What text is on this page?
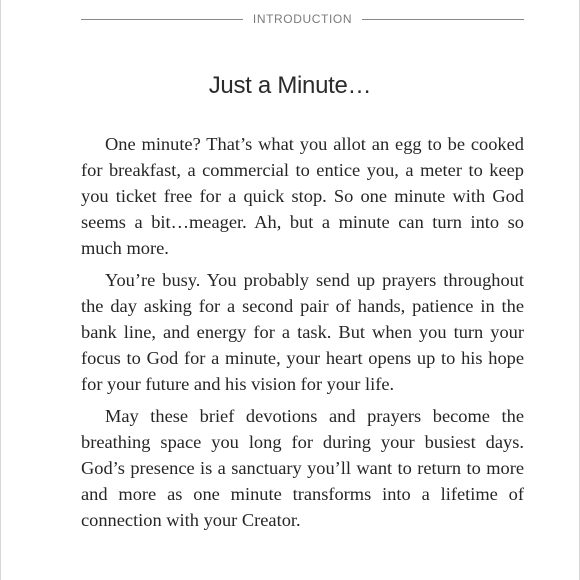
INTRODUCTION
Just a Minute…

One minute? That’s what you allot an egg to be cooked for breakfast, a commercial to entice you, a meter to keep you ticket free for a quick stop. So one minute with God seems a bit…meager. Ah, but a minute can turn into so much more.

You’re busy. You probably send up prayers throughout the day asking for a second pair of hands, patience in the bank line, and energy for a task. But when you turn your focus to God for a minute, your heart opens up to his hope for your future and his vision for your life.

May these brief devotions and prayers become the breathing space you long for during your busiest days. God’s presence is a sanctuary you’ll want to return to more and more as one minute transforms into a lifetime of connection with your Creator.
